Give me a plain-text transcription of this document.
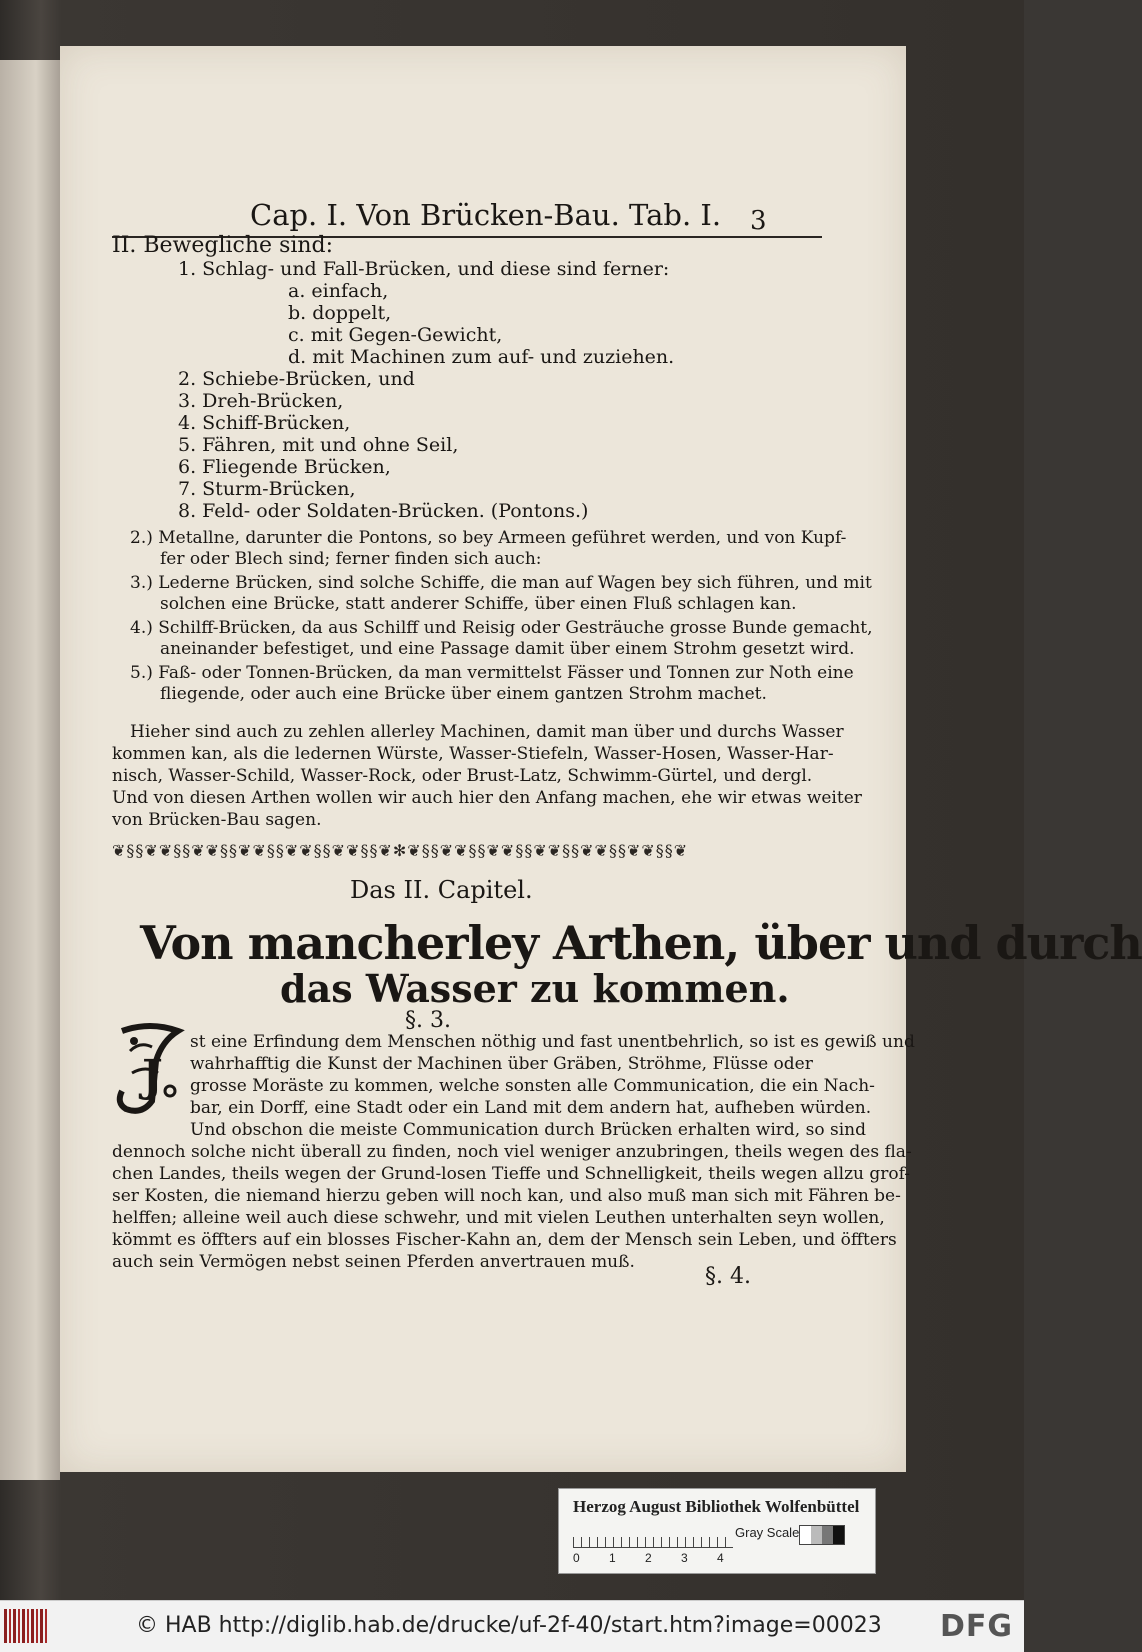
Cap. I. Von Brücken-Bau. Tab. I. 3
II. Bewegliche sind:
1. Schlag- und Fall-Brücken, und diese sind ferner:
a. einfach,
b. doppelt,
c. mit Gegen-Gewicht,
d. mit Machinen zum auf- und zuziehen.
2. Schiebe-Brücken, und
3. Dreh-Brücken,
4. Schiff-Brücken,
5. Fähren, mit und ohne Seil,
6. Fliegende Brücken,
7. Sturm-Brücken,
8. Feld- oder Soldaten-Brücken. (Pontons.)
2.) Metallne, darunter die Pontons, so bey Armeen geführet werden, und von Kupf-
fer oder Blech sind; ferner finden sich auch:
3.) Lederne Brücken, sind solche Schiffe, die man auf Wagen bey sich führen, und mit
solchen eine Brücke, statt anderer Schiffe, über einen Fluß schlagen kan.
4.) Schilff-Brücken, da aus Schilff und Reisig oder Gesträuche grosse Bunde gemacht,
aneinander befestiget, und eine Passage damit über einem Strohm gesetzt wird.
5.) Faß- oder Tonnen-Brücken, da man vermittelst Fässer und Tonnen zur Noth eine
fliegende, oder auch eine Brücke über einem gantzen Strohm machet.
Hieher sind auch zu zehlen allerley Machinen, damit man über und durchs Wasser
kommen kan, als die ledernen Würste, Wasser-Stiefeln, Wasser-Hosen, Wasser-Har-
nisch, Wasser-Schild, Wasser-Rock, oder Brust-Latz, Schwimm-Gürtel, und dergl.
Und von diesen Arthen wollen wir auch hier den Anfang machen, ehe wir etwas weiter
von Brücken-Bau sagen.
❦§§❦❦§§❦❦§§❦❦§§❦❦§§❦❦§§❦✻❦§§❦❦§§❦❦§§❦❦§§❦❦§§❦❦§§❦
Das II. Capitel.
Von mancherley Arthen, über und durch
das Wasser zu kommen.
§. 3.
J
st eine Erfindung dem Menschen nöthig und fast unentbehrlich, so ist es gewiß und
wahrhafftig die Kunst der Machinen über Gräben, Ströhme, Flüsse oder
grosse Moräste zu kommen, welche sonsten alle Communication, die ein Nach-
bar, ein Dorff, eine Stadt oder ein Land mit dem andern hat, aufheben würden.
Und obschon die meiste Communication durch Brücken erhalten wird, so sind
dennoch solche nicht überall zu finden, noch viel weniger anzubringen, theils wegen des fla-
chen Landes, theils wegen der Grund-losen Tieffe und Schnelligkeit, theils wegen allzu grof-
ser Kosten, die niemand hierzu geben will noch kan, und also muß man sich mit Fähren be-
helffen; alleine weil auch diese schwehr, und mit vielen Leuthen unterhalten seyn wollen,
kömmt es öffters auf ein blosses Fischer-Kahn an, dem der Mensch sein Leben, und öffters
auch sein Vermögen nebst seinen Pferden anvertrauen muß.
§. 4.
Herzog August Bibliothek Wolfenbüttel
0 1 2 3 4
Gray Scale
© HAB http://diglib.hab.de/drucke/uf-2f-40/start.htm?image=00023 DFG
